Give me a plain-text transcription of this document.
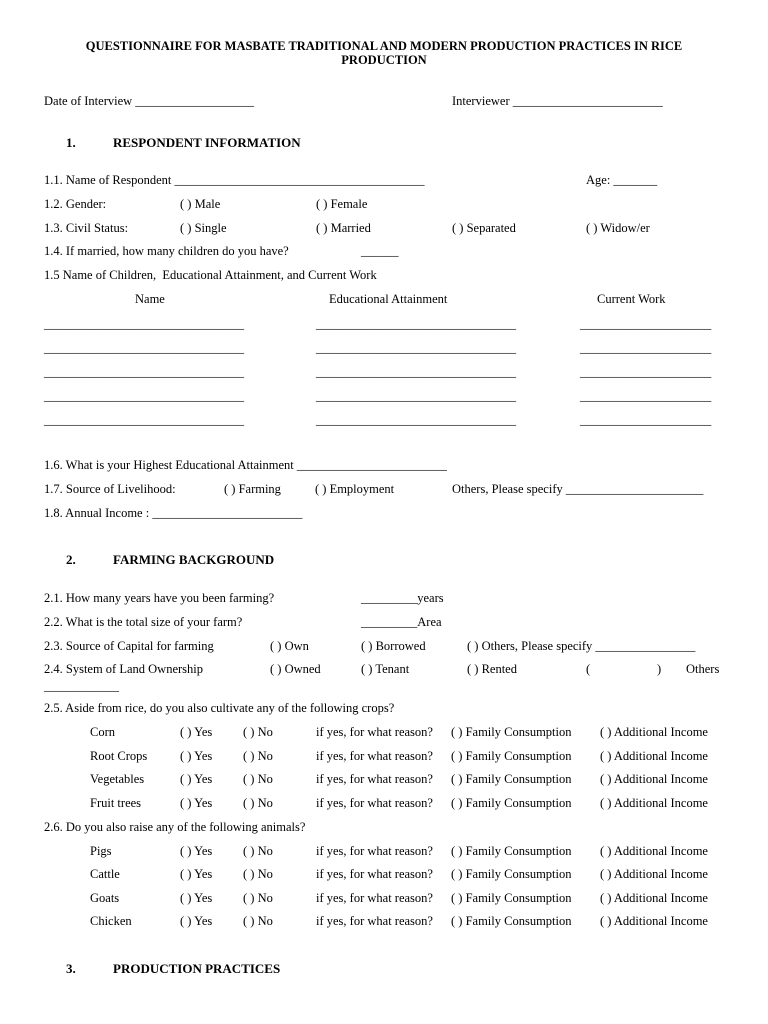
QUESTIONNAIRE FOR MASBATE TRADITIONAL AND MODERN PRODUCTION PRACTICES IN RICE
PRODUCTION
Date of Interview ___________________	Interviewer ________________________
1.	RESPONDENT INFORMATION
1.1. Name of Respondent ________________________________________	Age: _______
1.2. Gender:	( ) Male	( ) Female
1.3. Civil Status:	( ) Single	( ) Married	( ) Separated	( ) Widow/er
1.4. If married, how many children do you have?	______
1.5 Name of Children,  Educational Attainment, and Current Work
Name	Educational Attainment	Current Work
________________________________	________________________________	_____________________
________________________________	________________________________	_____________________
________________________________	________________________________	_____________________
________________________________	________________________________	_____________________
________________________________	________________________________	_____________________
1.6. What is your Highest Educational Attainment ________________________
1.7. Source of Livelihood:	( ) Farming	( ) Employment	Others, Please specify ______________________
1.8. Annual Income : ________________________
2.	FARMING BACKGROUND
2.1. How many years have you been farming?	_________years
2.2. What is the total size of your farm?	_________Area
2.3. Source of Capital for farming	( ) Own	( ) Borrowed	( ) Others, Please specify ________________
2.4. System of Land Ownership	( ) Owned	( ) Tenant	( ) Rented	(	) Others
____________
2.5. Aside from rice, do you also cultivate any of the following crops?
Corn	( ) Yes ( ) No	if yes, for what reason? ( ) Family Consumption ( ) Additional Income
Root Crops	( ) Yes ( ) No	if yes, for what reason? ( ) Family Consumption ( ) Additional Income
Vegetables	( ) Yes ( ) No	if yes, for what reason? ( ) Family Consumption ( ) Additional Income
Fruit trees	( ) Yes ( ) No	if yes, for what reason? ( ) Family Consumption ( ) Additional Income
2.6. Do you also raise any of the following animals?
Pigs	( ) Yes ( ) No	if yes, for what reason? ( ) Family Consumption ( ) Additional Income
Cattle	( ) Yes ( ) No	if yes, for what reason? ( ) Family Consumption ( ) Additional Income
Goats	( ) Yes ( ) No	if yes, for what reason? ( ) Family Consumption ( ) Additional Income
Chicken	( ) Yes ( ) No	if yes, for what reason? ( ) Family Consumption ( ) Additional Income
3.	PRODUCTION PRACTICES
